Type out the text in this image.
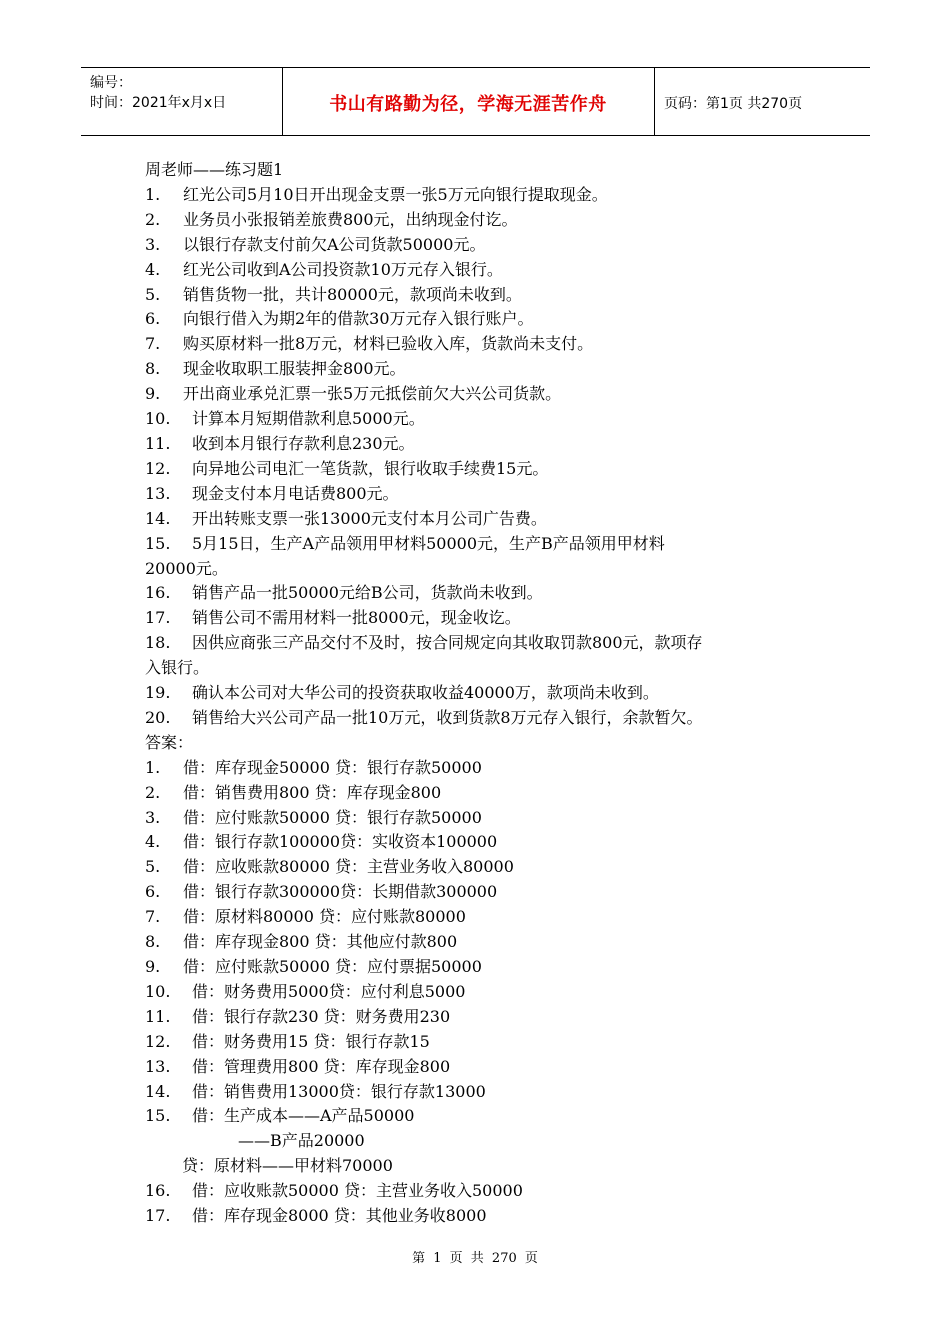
编号：
时间：2021年x月x日	书山有路勤为径，学海无涯苦作舟	页码：第1页 共270页
周老师——练习题1
1. 红光公司5月10日开出现金支票一张5万元向银行提取现金。
2. 业务员小张报销差旅费800元，出纳现金付讫。
3. 以银行存款支付前欠A公司货款50000元。
4. 红光公司收到A公司投资款10万元存入银行。
5. 销售货物一批，共计80000元，款项尚未收到。
6. 向银行借入为期2年的借款30万元存入银行账户。
7. 购买原材料一批8万元，材料已验收入库，货款尚未支付。
8. 现金收取职工服装押金800元。
9. 开出商业承兑汇票一张5万元抵偿前欠大兴公司货款。
10. 计算本月短期借款利息5000元。
11. 收到本月银行存款利息230元。
12. 向异地公司电汇一笔货款，银行收取手续费15元。
13. 现金支付本月电话费800元。
14. 开出转账支票一张13000元支付本月公司广告费。
15. 5月15日，生产A产品领用甲材料50000元，生产B产品领用甲材料
20000元。
16. 销售产品一批50000元给B公司，货款尚未收到。
17. 销售公司不需用材料一批8000元，现金收讫。
18. 因供应商张三产品交付不及时，按合同规定向其收取罚款800元，款项存
入银行。
19. 确认本公司对大华公司的投资获取收益40000万，款项尚未收到。
20. 销售给大兴公司产品一批10万元，收到货款8万元存入银行，余款暂欠。
答案：
1. 借：库存现金50000 贷：银行存款50000
2. 借：销售费用800 贷：库存现金800
3. 借：应付账款50000 贷：银行存款50000
4. 借：银行存款100000贷：实收资本100000
5. 借：应收账款80000 贷：主营业务收入80000
6. 借：银行存款300000贷：长期借款300000
7. 借：原材料80000 贷：应付账款80000
8. 借：库存现金800 贷：其他应付款800
9. 借：应付账款50000 贷：应付票据50000
10. 借：财务费用5000贷：应付利息5000
11. 借：银行存款230 贷：财务费用230
12. 借：财务费用15 贷：银行存款15
13. 借：管理费用800 贷：库存现金800
14. 借：销售费用13000贷：银行存款13000
15. 借：生产成本——A产品50000
——B产品20000
贷：原材料——甲材料70000
16. 借：应收账款50000 贷：主营业务收入50000
17. 借：库存现金8000 贷：其他业务收8000
第 1 页 共 270 页
